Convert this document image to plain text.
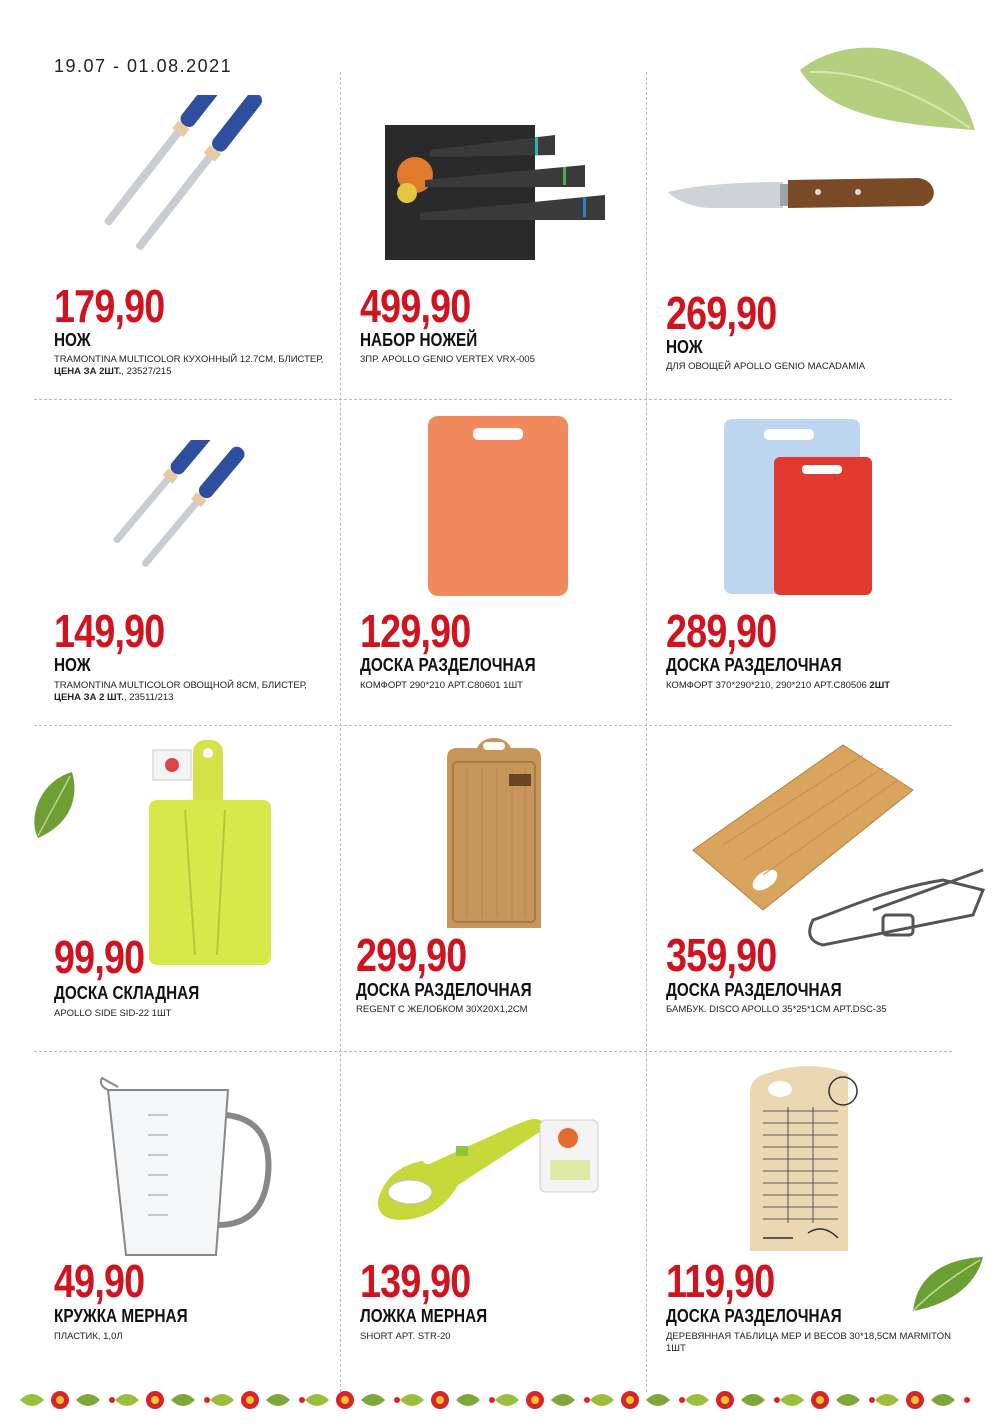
19.07 - 01.08.2021
179,90
НОЖ
TRAMONTINA MULTICOLOR КУХОННЫЙ 12.7СМ, БЛИСТЕР, ЦЕНА ЗА 2ШТ., 23527/215
499,90
НАБОР НОЖЕЙ
3ПР. APOLLO GENIO VERTEX VRX-005
269,90
НОЖ
ДЛЯ ОВОЩЕЙ APOLLO GENIO MACADAMIA
149,90
НОЖ
TRAMONTINA MULTICOLOR ОВОЩНОЙ 8СМ, БЛИСТЕР, ЦЕНА ЗА 2 ШТ., 23511/213
129,90
ДОСКА РАЗДЕЛОЧНАЯ
КОМФОРТ 290*210 АРТ.C80601 1ШТ
289,90
ДОСКА РАЗДЕЛОЧНАЯ
КОМФОРТ 370*290*210, 290*210 АРТ.C80506 2ШТ
99,90
ДОСКА СКЛАДНАЯ
APOLLO SIDE SID-22 1ШТ
299,90
ДОСКА РАЗДЕЛОЧНАЯ
REGENT С ЖЕЛОБКОМ 30X20X1,2СМ
359,90
ДОСКА РАЗДЕЛОЧНАЯ
БАМБУК. DISCO APOLLO 35*25*1СМ АРТ.DSC-35
49,90
КРУЖКА МЕРНАЯ
ПЛАСТИК, 1,0Л
139,90
ЛОЖКА МЕРНАЯ
SHORT АРТ. STR-20
119,90
ДОСКА РАЗДЕЛОЧНАЯ
ДЕРЕВЯННАЯ ТАБЛИЦА МЕР И ВЕСОВ 30*18,5СМ MARMITON 1ШТ
